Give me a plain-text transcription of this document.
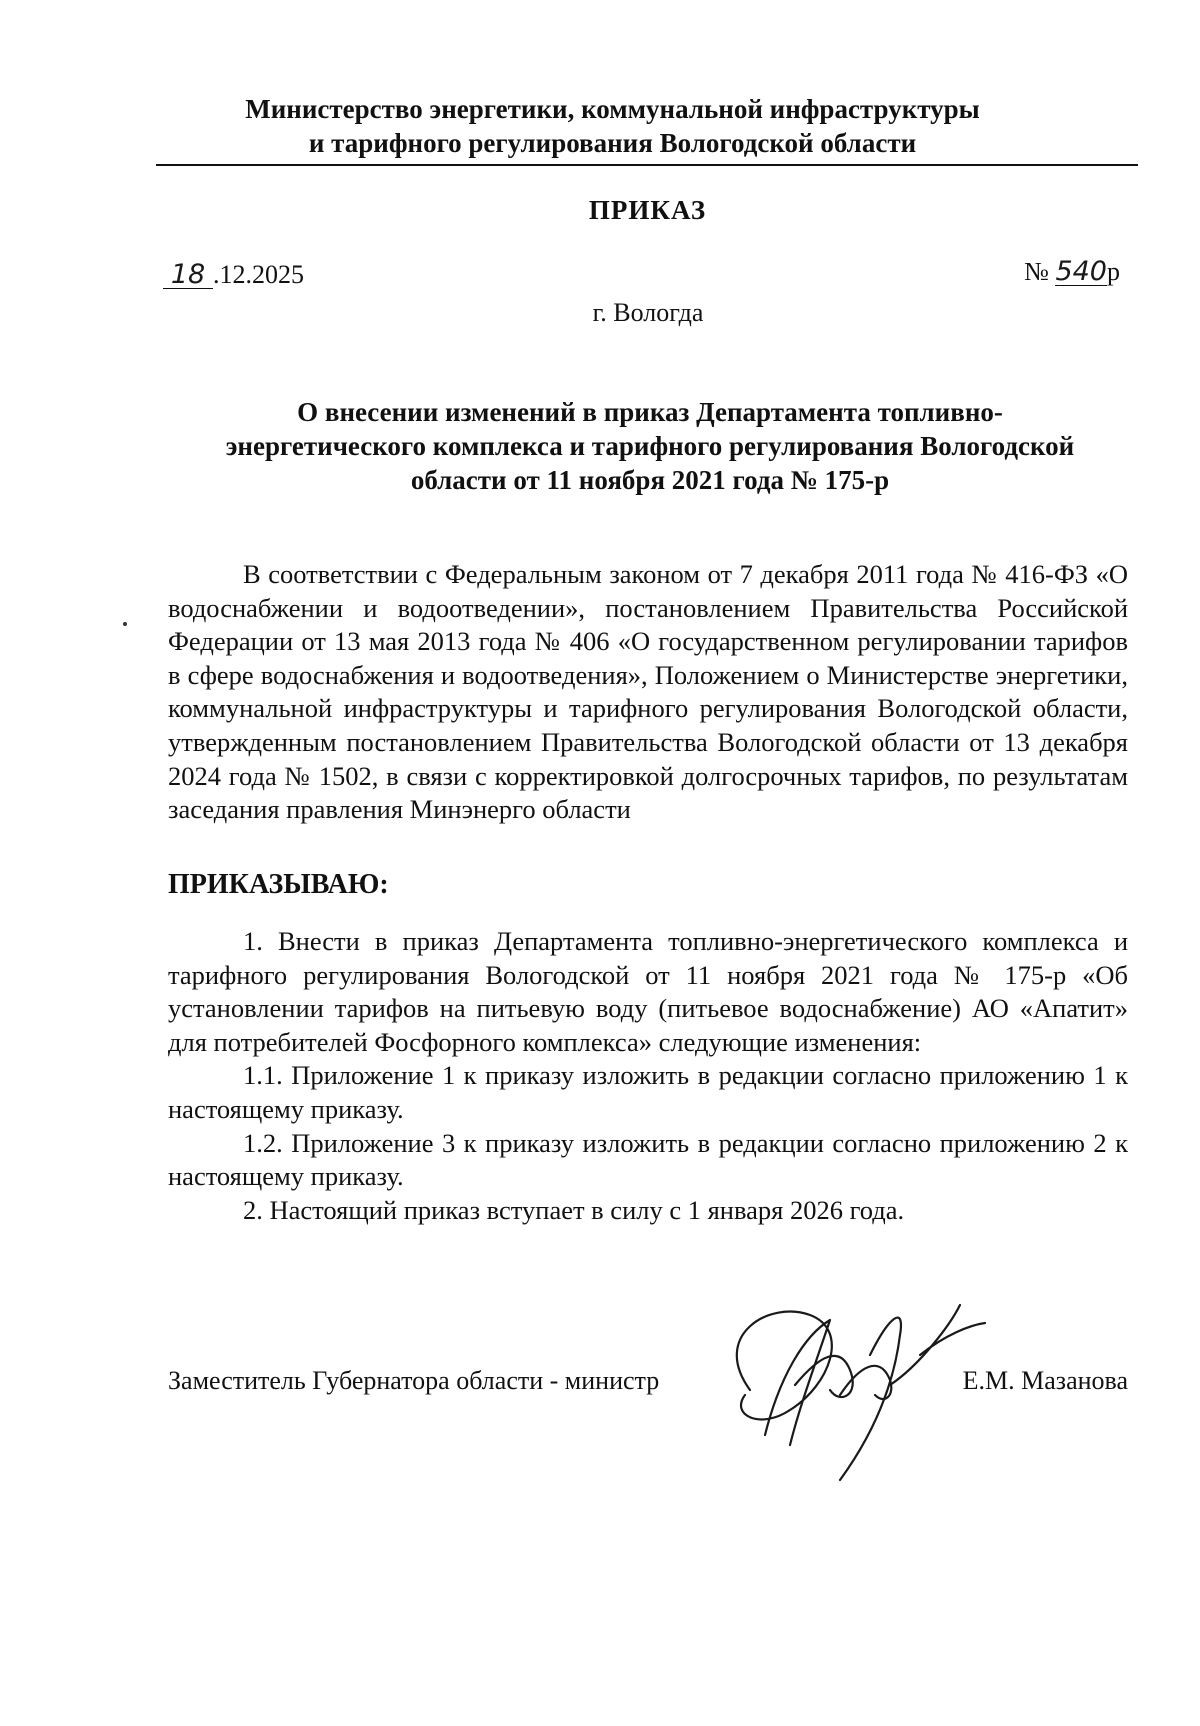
Министерство энергетики, коммунальной инфраструктуры
и тарифного регулирования Вологодской области
ПРИКАЗ
18 .12.2025	№ 540р
г. Вологда
О внесении изменений в приказ Департамента топливно-
энергетического комплекса и тарифного регулирования Вологодской
области от 11 ноября 2021 года № 175-р

В соответствии с Федеральным законом от 7 декабря 2011 года № 416-ФЗ «О водоснабжении и водоотведении», постановлением Правительства Российской Федерации от 13 мая 2013 года № 406 «О государственном регулировании тарифов в сфере водоснабжения и водоотведения», Положением о Министерстве энергетики, коммунальной инфраструктуры и тарифного регулирования Вологодской области, утвержденным постановлением Правительства Вологодской области от 13 декабря 2024 года № 1502, в связи с корректировкой долгосрочных тарифов, по результатам заседания правления Минэнерго области

ПРИКАЗЫВАЮ:

1. Внести в приказ Департамента топливно-энергетического комплекса и тарифного регулирования Вологодской от 11 ноября 2021 года № 175-р «Об установлении тарифов на питьевую воду (питьевое водоснабжение) АО «Апатит» для потребителей Фосфорного комплекса» следующие изменения:

1.1. Приложение 1 к приказу изложить в редакции согласно приложению 1 к настоящему приказу.

1.2. Приложение 3 к приказу изложить в редакции согласно приложению 2 к настоящему приказу.

2. Настоящий приказ вступает в силу с 1 января 2026 года.

Заместитель Губернатора области - министр	Е.М. Мазанова
